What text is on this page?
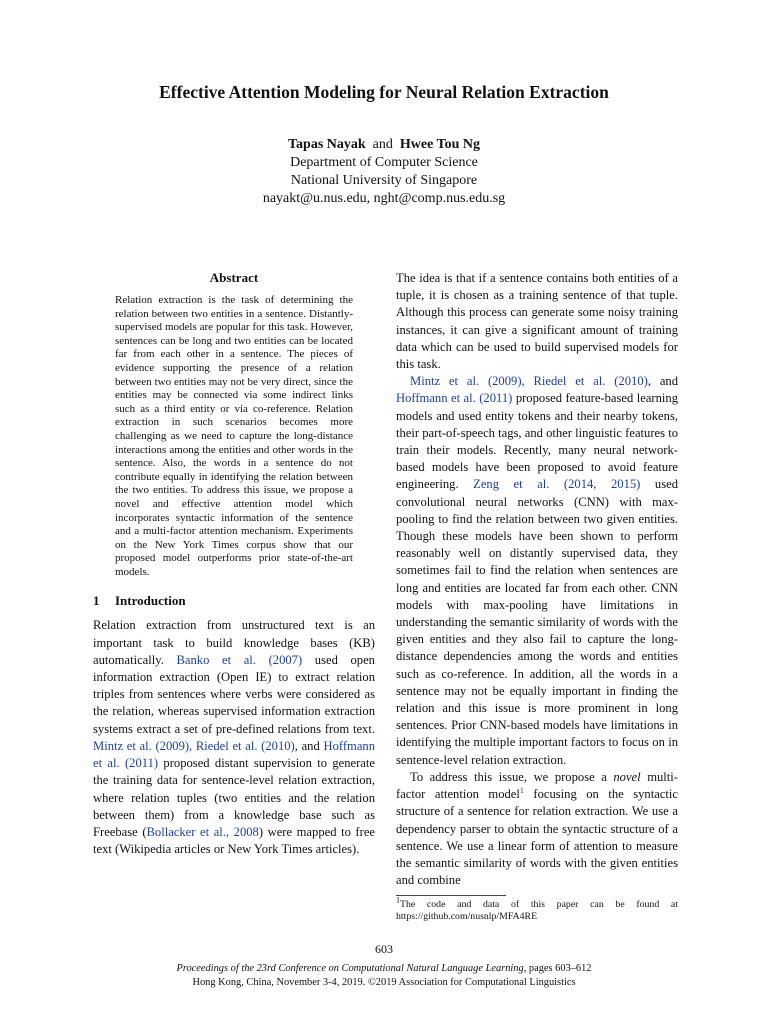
Effective Attention Modeling for Neural Relation Extraction
Tapas Nayak and Hwee Tou Ng
Department of Computer Science
National University of Singapore
nayakt@u.nus.edu, nght@comp.nus.edu.sg
Abstract

Relation extraction is the task of determining the relation between two entities in a sentence. Distantly-supervised models are popular for this task. However, sentences can be long and two entities can be located far from each other in a sentence. The pieces of evidence supporting the presence of a relation between two entities may not be very direct, since the entities may be connected via some indirect links such as a third entity or via co-reference. Relation extraction in such scenarios becomes more challenging as we need to capture the long-distance interactions among the entities and other words in the sentence. Also, the words in a sentence do not contribute equally in identifying the relation between the two entities. To address this issue, we propose a novel and effective attention model which incorporates syntactic information of the sentence and a multi-factor attention mechanism. Experiments on the New York Times corpus show that our proposed model outperforms prior state-of-the-art models.

1 Introduction

Relation extraction from unstructured text is an important task to build knowledge bases (KB) automatically. Banko et al. (2007) used open information extraction (Open IE) to extract relation triples from sentences where verbs were considered as the relation, whereas supervised information extraction systems extract a set of pre-defined relations from text. Mintz et al. (2009), Riedel et al. (2010), and Hoffmann et al. (2011) proposed distant supervision to generate the training data for sentence-level relation extraction, where relation tuples (two entities and the relation between them) from a knowledge base such as Freebase (Bollacker et al., 2008) were mapped to free text (Wikipedia articles or New York Times articles).

The idea is that if a sentence contains both entities of a tuple, it is chosen as a training sentence of that tuple. Although this process can generate some noisy training instances, it can give a significant amount of training data which can be used to build supervised models for this task.

Mintz et al. (2009), Riedel et al. (2010), and Hoffmann et al. (2011) proposed feature-based learning models and used entity tokens and their nearby tokens, their part-of-speech tags, and other linguistic features to train their models. Recently, many neural network-based models have been proposed to avoid feature engineering. Zeng et al. (2014, 2015) used convolutional neural networks (CNN) with max-pooling to find the relation between two given entities. Though these models have been shown to perform reasonably well on distantly supervised data, they sometimes fail to find the relation when sentences are long and entities are located far from each other. CNN models with max-pooling have limitations in understanding the semantic similarity of words with the given entities and they also fail to capture the long-distance dependencies among the words and entities such as co-reference. In addition, all the words in a sentence may not be equally important in finding the relation and this issue is more prominent in long sentences. Prior CNN-based models have limitations in identifying the multiple important factors to focus on in sentence-level relation extraction.

To address this issue, we propose a novel multi-factor attention model$^1$ focusing on the syntactic structure of a sentence for relation extraction. We use a dependency parser to obtain the syntactic structure of a sentence. We use a linear form of attention to measure the semantic similarity of words with the given entities and combine

$^1$The code and data of this paper can be found at https://github.com/nusnlp/MFA4RE

603
Proceedings of the 23rd Conference on Computational Natural Language Learning, pages 603–612
Hong Kong, China, November 3-4, 2019. ©2019 Association for Computational Linguistics
